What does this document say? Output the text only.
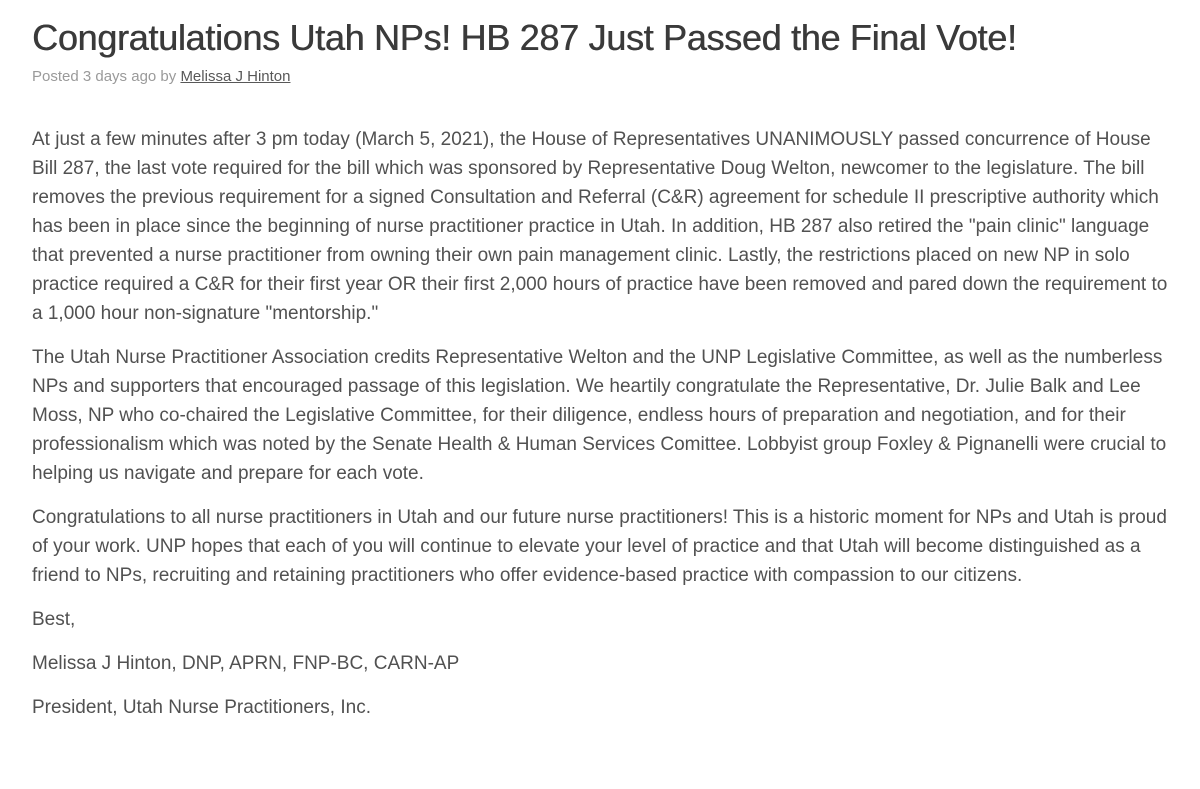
Congratulations Utah NPs! HB 287 Just Passed the Final Vote!
Posted 3 days ago by Melissa J Hinton

At just a few minutes after 3 pm today (March 5, 2021), the House of Representatives UNANIMOUSLY passed concurrence of House Bill 287, the last vote required for the bill which was sponsored by Representative Doug Welton, newcomer to the legislature. The bill removes the previous requirement for a signed Consultation and Referral (C&R) agreement for schedule II prescriptive authority which has been in place since the beginning of nurse practitioner practice in Utah. In addition, HB 287 also retired the "pain clinic" language that prevented a nurse practitioner from owning their own pain management clinic. Lastly, the restrictions placed on new NP in solo practice required a C&R for their first year OR their first 2,000 hours of practice have been removed and pared down the requirement to a 1,000 hour non-signature "mentorship."

The Utah Nurse Practitioner Association credits Representative Welton and the UNP Legislative Committee, as well as the numberless NPs and supporters that encouraged passage of this legislation. We heartily congratulate the Representative, Dr. Julie Balk and Lee Moss, NP who co-chaired the Legislative Committee, for their diligence, endless hours of preparation and negotiation, and for their professionalism which was noted by the Senate Health & Human Services Comittee. Lobbyist group Foxley & Pignanelli were crucial to helping us navigate and prepare for each vote.

Congratulations to all nurse practitioners in Utah and our future nurse practitioners! This is a historic moment for NPs and Utah is proud of your work. UNP hopes that each of you will continue to elevate your level of practice and that Utah will become distinguished as a friend to NPs, recruiting and retaining practitioners who offer evidence-based practice with compassion to our citizens.

Best,

Melissa J Hinton, DNP, APRN, FNP-BC, CARN-AP

President, Utah Nurse Practitioners, Inc.
